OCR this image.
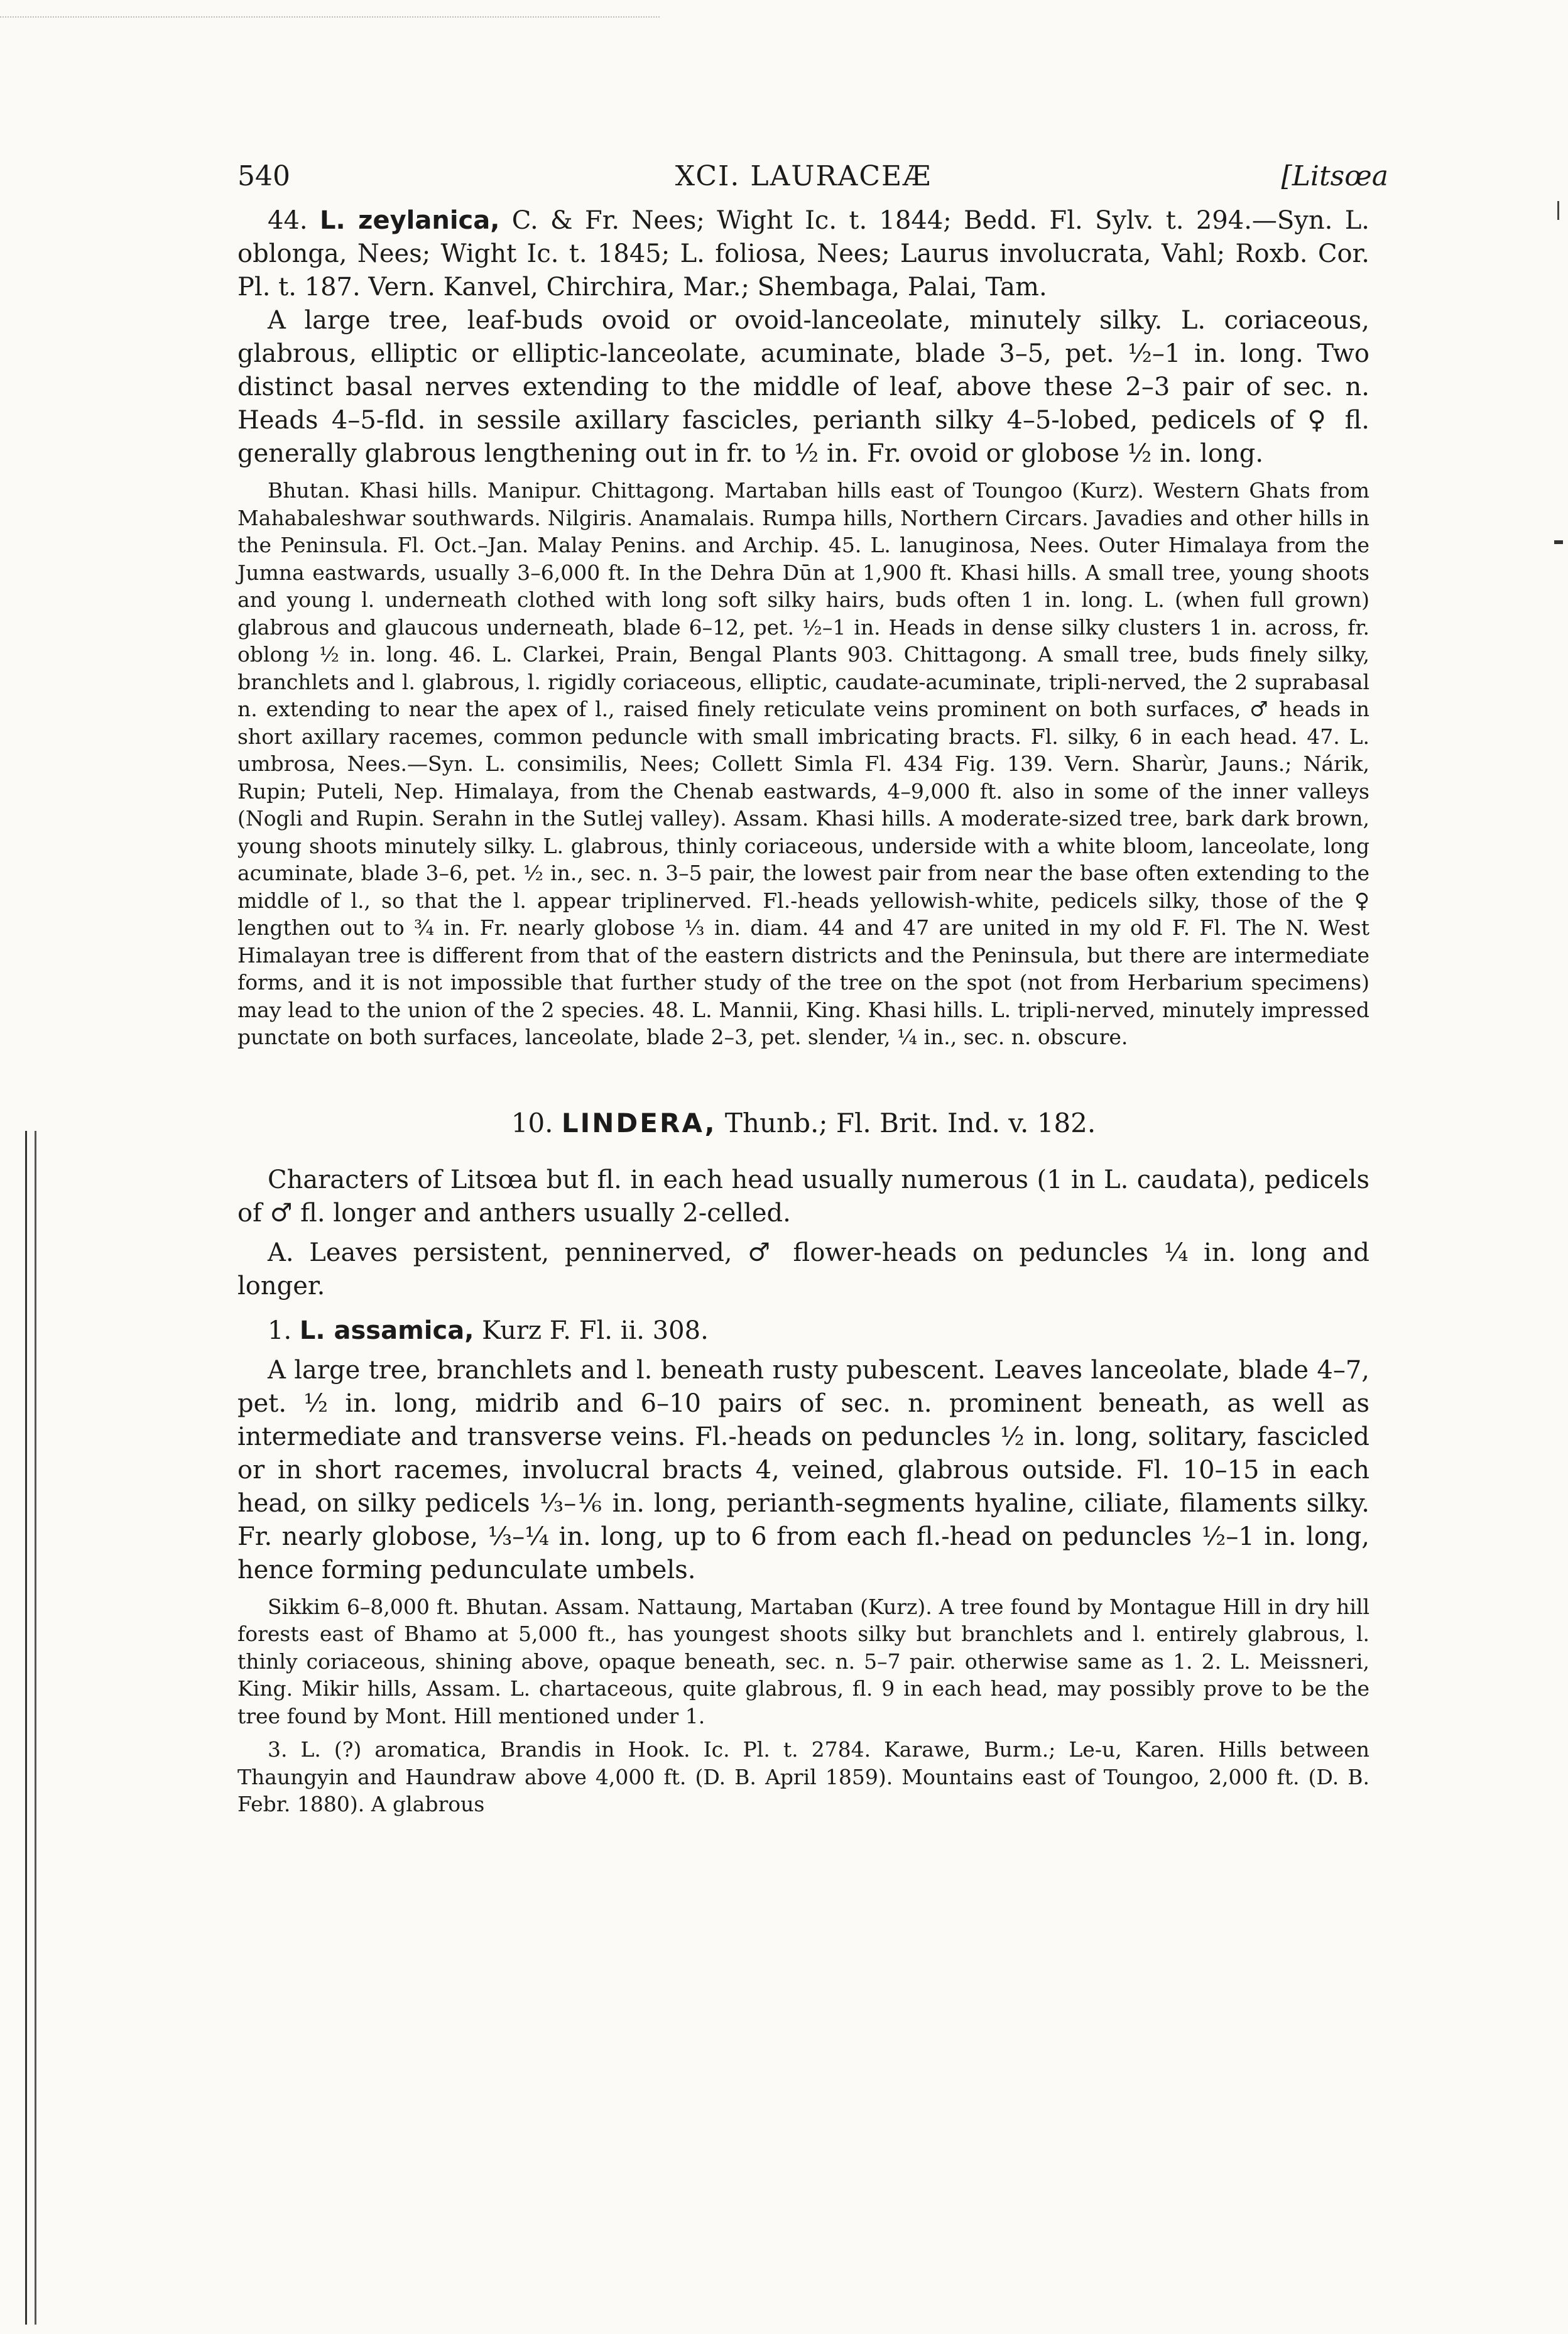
540	XCI. LAURACEÆ	[Litsœa

44. L. zeylanica, C. & Fr. Nees; Wight Ic. t. 1844; Bedd. Fl. Sylv. t. 294.—Syn. L. oblonga, Nees; Wight Ic. t. 1845; L. foliosa, Nees; Laurus involucrata, Vahl; Roxb. Cor. Pl. t. 187. Vern. Kanvel, Chirchira, Mar.; Shembaga, Palai, Tam.

A large tree, leaf-buds ovoid or ovoid-lanceolate, minutely silky. L. coriaceous, glabrous, elliptic or elliptic-lanceolate, acuminate, blade 3–5, pet. ½–1 in. long. Two distinct basal nerves extending to the middle of leaf, above these 2–3 pair of sec. n. Heads 4–5-fld. in sessile axillary fascicles, perianth silky 4–5-lobed, pedicels of ♀ fl. generally glabrous lengthening out in fr. to ½ in. Fr. ovoid or globose ½ in. long.

Bhutan. Khasi hills. Manipur. Chittagong. Martaban hills east of Toungoo (Kurz). Western Ghats from Mahabaleshwar southwards. Nilgiris. Anamalais. Rumpa hills, Northern Circars. Javadies and other hills in the Peninsula. Fl. Oct.–Jan. Malay Penins. and Archip. 45. L. lanuginosa, Nees. Outer Himalaya from the Jumna eastwards, usually 3–6,000 ft. In the Dehra Dūn at 1,900 ft. Khasi hills. A small tree, young shoots and young l. underneath clothed with long soft silky hairs, buds often 1 in. long. L. (when full grown) glabrous and glaucous underneath, blade 6–12, pet. ½–1 in. Heads in dense silky clusters 1 in. across, fr. oblong ½ in. long. 46. L. Clarkei, Prain, Bengal Plants 903. Chittagong. A small tree, buds finely silky, branchlets and l. glabrous, l. rigidly coriaceous, elliptic, caudate-acuminate, tripli-nerved, the 2 suprabasal n. extending to near the apex of l., raised finely reticulate veins prominent on both surfaces, ♂ heads in short axillary racemes, common peduncle with small imbricating bracts. Fl. silky, 6 in each head. 47. L. umbrosa, Nees.—Syn. L. consimilis, Nees; Collett Simla Fl. 434 Fig. 139. Vern. Sharùr, Jauns.; Nárik, Rupin; Puteli, Nep. Himalaya, from the Chenab eastwards, 4–9,000 ft. also in some of the inner valleys (Nogli and Rupin. Serahn in the Sutlej valley). Assam. Khasi hills. A moderate-sized tree, bark dark brown, young shoots minutely silky. L. glabrous, thinly coriaceous, underside with a white bloom, lanceolate, long acuminate, blade 3–6, pet. ½ in., sec. n. 3–5 pair, the lowest pair from near the base often extending to the middle of l., so that the l. appear triplinerved. Fl.-heads yellowish-white, pedicels silky, those of the ♀ lengthen out to ¾ in. Fr. nearly globose ⅓ in. diam. 44 and 47 are united in my old F. Fl. The N. West Himalayan tree is different from that of the eastern districts and the Peninsula, but there are intermediate forms, and it is not impossible that further study of the tree on the spot (not from Herbarium specimens) may lead to the union of the 2 species. 48. L. Mannii, King. Khasi hills. L. tripli-nerved, minutely impressed punctate on both surfaces, lanceolate, blade 2–3, pet. slender, ¼ in., sec. n. obscure.

10. LINDERA, Thunb.; Fl. Brit. Ind. v. 182.

Characters of Litsœa but fl. in each head usually numerous (1 in L. caudata), pedicels of ♂ fl. longer and anthers usually 2-celled.

A. Leaves persistent, penninerved, ♂ flower-heads on peduncles ¼ in. long and longer.

1. L. assamica, Kurz F. Fl. ii. 308.

A large tree, branchlets and l. beneath rusty pubescent. Leaves lanceolate, blade 4–7, pet. ½ in. long, midrib and 6–10 pairs of sec. n. prominent beneath, as well as intermediate and transverse veins. Fl.-heads on peduncles ½ in. long, solitary, fascicled or in short racemes, involucral bracts 4, veined, glabrous outside. Fl. 10–15 in each head, on silky pedicels ⅓–⅙ in. long, perianth-segments hyaline, ciliate, filaments silky. Fr. nearly globose, ⅓–¼ in. long, up to 6 from each fl.-head on peduncles ½–1 in. long, hence forming pedunculate umbels.

Sikkim 6–8,000 ft. Bhutan. Assam. Nattaung, Martaban (Kurz). A tree found by Montague Hill in dry hill forests east of Bhamo at 5,000 ft., has youngest shoots silky but branchlets and l. entirely glabrous, l. thinly coriaceous, shining above, opaque beneath, sec. n. 5–7 pair. otherwise same as 1. 2. L. Meissneri, King. Mikir hills, Assam. L. chartaceous, quite glabrous, fl. 9 in each head, may possibly prove to be the tree found by Mont. Hill mentioned under 1.

3. L. (?) aromatica, Brandis in Hook. Ic. Pl. t. 2784. Karawe, Burm.; Le-u, Karen. Hills between Thaungyin and Haundraw above 4,000 ft. (D. B. April 1859). Mountains east of Toungoo, 2,000 ft. (D. B. Febr. 1880). A glabrous
